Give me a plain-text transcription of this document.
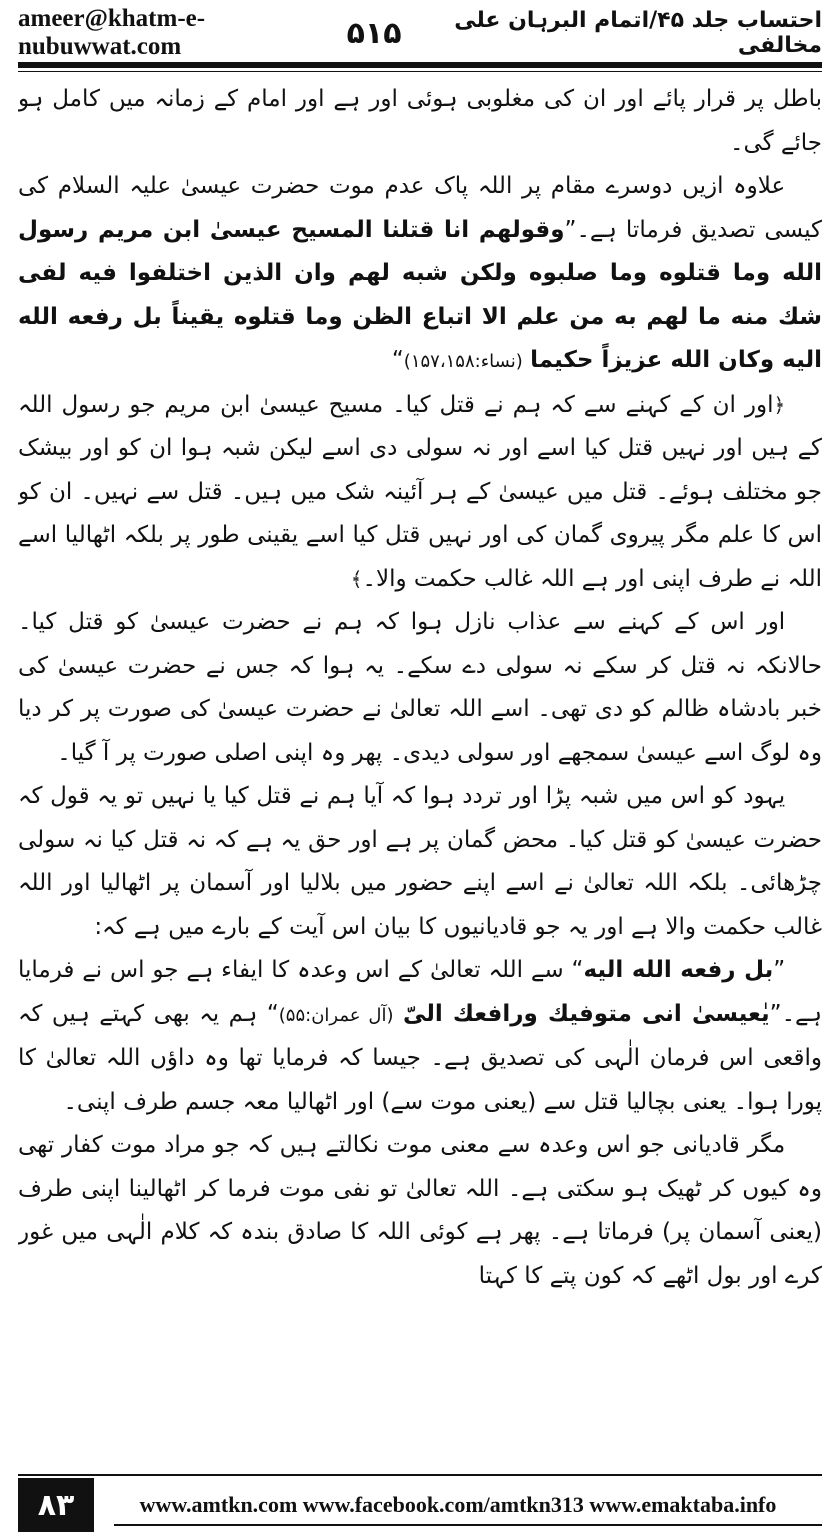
ameer@khatm-e-nubuwwat.com	۵۱۵	احتساب جلد ۴۵/اتمام البرہان علی مخالفی

باطل پر قرار پائے اور ان کی مغلوبی ہوئی اور ہے اور امام کے زمانہ میں کامل ہو جائے گی۔

علاوہ ازیں دوسرے مقام پر اللہ پاک عدم موت حضرت عیسیٰ علیہ السلام کی کیسی تصدیق فرماتا ہے۔”وقولهم انا قتلنا المسيح عيسىٰ ابن مريم رسول الله وما قتلوه وما صلبوه ولكن شبه لهم وان الذين اختلفوا فيه لفى شك منه ما لهم به من علم الا اتباع الظن وما قتلوه يقيناً بل رفعه الله اليه وكان الله عزيزاً حكيما (نساء:۱۵۷،۱۵۸)“

﴿اور ان کے کہنے سے کہ ہم نے قتل کیا۔ مسیح عیسیٰ ابن مریم جو رسول اللہ کے ہیں اور نہیں قتل کیا اسے اور نہ سولی دی اسے لیکن شبہ ہوا ان کو اور بیشک جو مختلف ہوئے۔ قتل میں عیسیٰ کے ہر آئینہ شک میں ہیں۔ قتل سے نہیں۔ ان کو اس کا علم مگر پیروی گمان کی اور نہیں قتل کیا اسے یقینی طور پر بلکہ اٹھالیا اسے اللہ نے طرف اپنی اور ہے اللہ غالب حکمت والا۔﴾

اور اس کے کہنے سے عذاب نازل ہوا کہ ہم نے حضرت عیسیٰ کو قتل کیا۔ حالانکہ نہ قتل کر سکے نہ سولی دے سکے۔ یہ ہوا کہ جس نے حضرت عیسیٰ کی خبر بادشاہ ظالم کو دی تھی۔ اسے اللہ تعالیٰ نے حضرت عیسیٰ کی صورت پر کر دیا وہ لوگ اسے عیسیٰ سمجھے اور سولی دیدی۔ پھر وہ اپنی اصلی صورت پر آ گیا۔

یہود کو اس میں شبہ پڑا اور تردد ہوا کہ آیا ہم نے قتل کیا یا نہیں تو یہ قول کہ حضرت عیسیٰ کو قتل کیا۔ محض گمان پر ہے اور حق یہ ہے کہ نہ قتل کیا نہ سولی چڑھائی۔ بلکہ اللہ تعالیٰ نے اسے اپنے حضور میں بلالیا اور آسمان پر اٹھالیا اور اللہ غالب حکمت والا ہے اور یہ جو قادیانیوں کا بیان اس آیت کے بارے میں ہے کہ:

”بل رفعه الله اليه“ سے اللہ تعالیٰ کے اس وعدہ کا ایفاء ہے جو اس نے فرمایا ہے۔”يٰعيسىٰ انى متوفيك ورافعك الىّ (آل عمران:۵۵)“ ہم یہ بھی کہتے ہیں کہ واقعی اس فرمان الٰہی کی تصدیق ہے۔ جیسا کہ فرمایا تھا وہ داؤں اللہ تعالیٰ کا پورا ہوا۔ یعنی بچالیا قتل سے (یعنی موت سے) اور اٹھالیا معہ جسم طرف اپنی۔

مگر قادیانی جو اس وعدہ سے معنی موت نکالتے ہیں کہ جو مراد موت کفار تھی وہ کیوں کر ٹھیک ہو سکتی ہے۔ اللہ تعالیٰ تو نفی موت فرما کر اٹھالینا اپنی طرف (یعنی آسمان پر) فرماتا ہے۔ پھر ہے کوئی اللہ کا صادق بندہ کہ کلام الٰہی میں غور کرے اور بول اٹھے کہ کون پتے کا کہتا

۸۳	www.amtkn.com www.facebook.com/amtkn313 www.emaktaba.info
